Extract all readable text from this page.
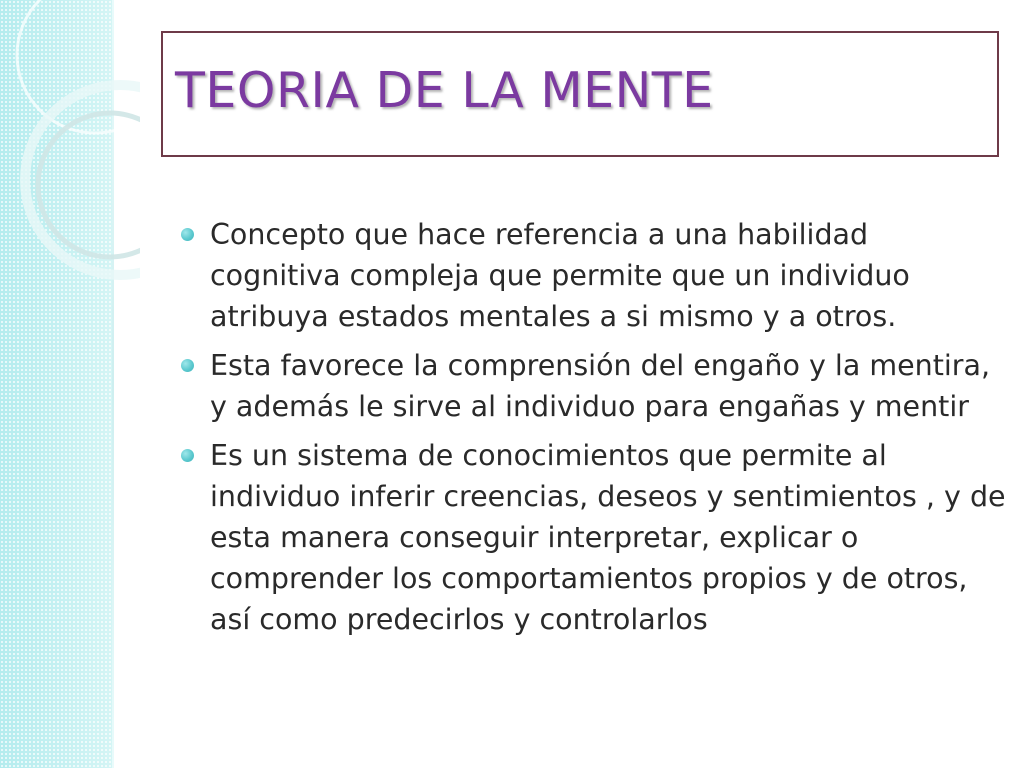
TEORIA DE LA MENTE
Concepto que hace referencia a una habilidad cognitiva compleja que permite que un individuo atribuya estados mentales a si mismo y a otros.
Esta favorece la comprensión del engaño y la mentira, y además le sirve al individuo para engañas y mentir
Es un sistema de conocimientos que permite al individuo inferir creencias, deseos y sentimientos , y de esta manera conseguir interpretar, explicar o comprender los comportamientos propios y de otros, así como predecirlos y controlarlos
